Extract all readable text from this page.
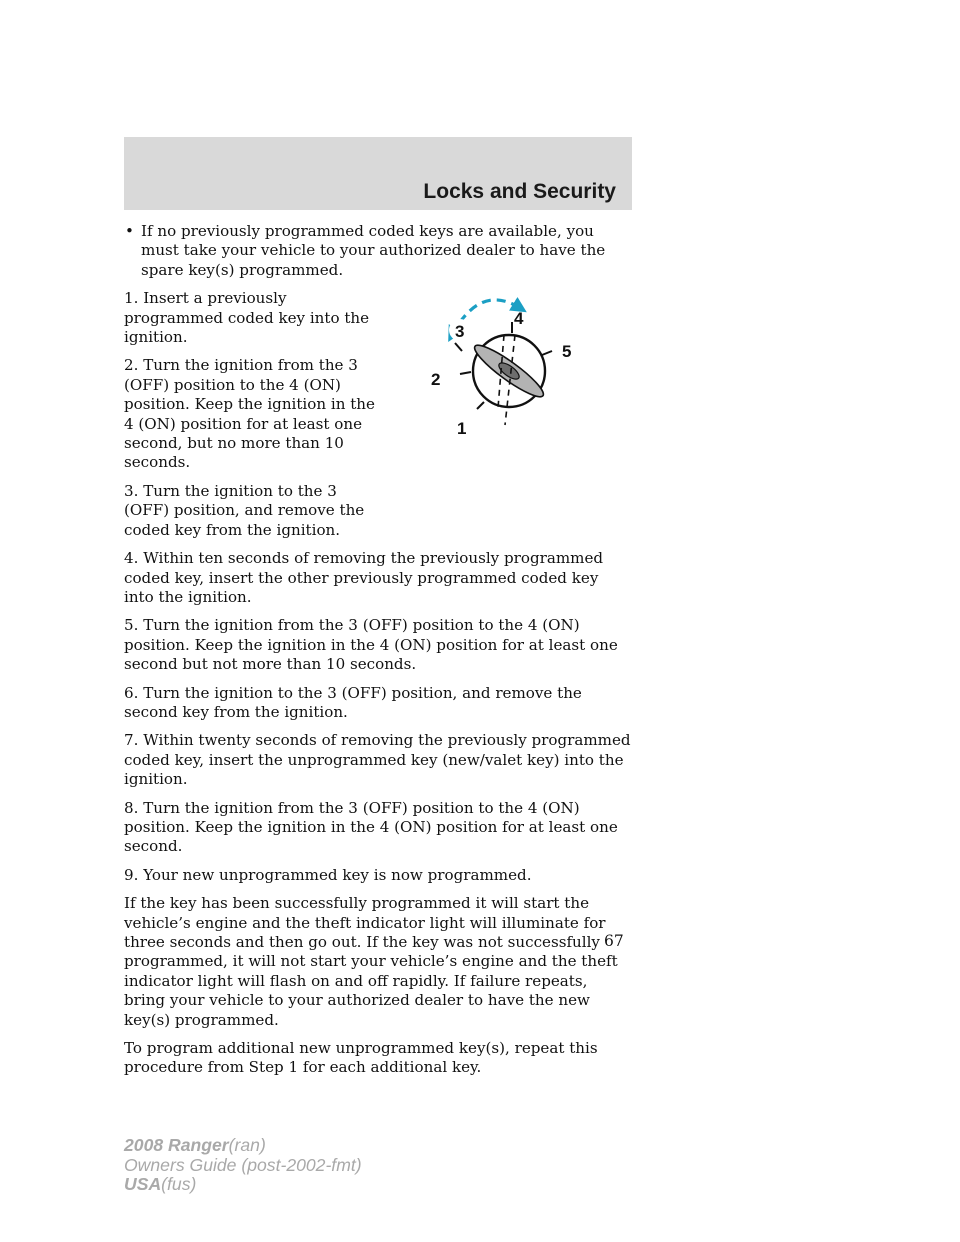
Locks and Security
• If no previously programmed coded keys are available, you must take your vehicle to your authorized dealer to have the spare key(s) programmed.

1. Insert a previously programmed coded key into the ignition.

2. Turn the ignition from the 3 (OFF) position to the 4 (ON) position. Keep the ignition in the 4 (ON) position for at least one second, but no more than 10 seconds.

3. Turn the ignition to the 3 (OFF) position, and remove the coded key from the ignition.

4. Within ten seconds of removing the previously programmed coded key, insert the other previously programmed coded key into the ignition.

5. Turn the ignition from the 3 (OFF) position to the 4 (ON) position. Keep the ignition in the 4 (ON) position for at least one second but not more than 10 seconds.

6. Turn the ignition to the 3 (OFF) position, and remove the second key from the ignition.

7. Within twenty seconds of removing the previously programmed coded key, insert the unprogrammed key (new/valet key) into the ignition.

8. Turn the ignition from the 3 (OFF) position to the 4 (ON) position. Keep the ignition in the 4 (ON) position for at least one second.

9. Your new unprogrammed key is now programmed.

If the key has been successfully programmed it will start the vehicle’s engine and the theft indicator light will illuminate for three seconds and then go out. If the key was not successfully programmed, it will not start your vehicle’s engine and the theft indicator light will flash on and off rapidly. If failure repeats, bring your vehicle to your authorized dealer to have the new key(s) programmed.

To program additional new unprogrammed key(s), repeat this procedure from Step 1 for each additional key.

3
4
5
2
1
67
2008 Ranger(ran)
Owners Guide (post-2002-fmt)
USA(fus)
